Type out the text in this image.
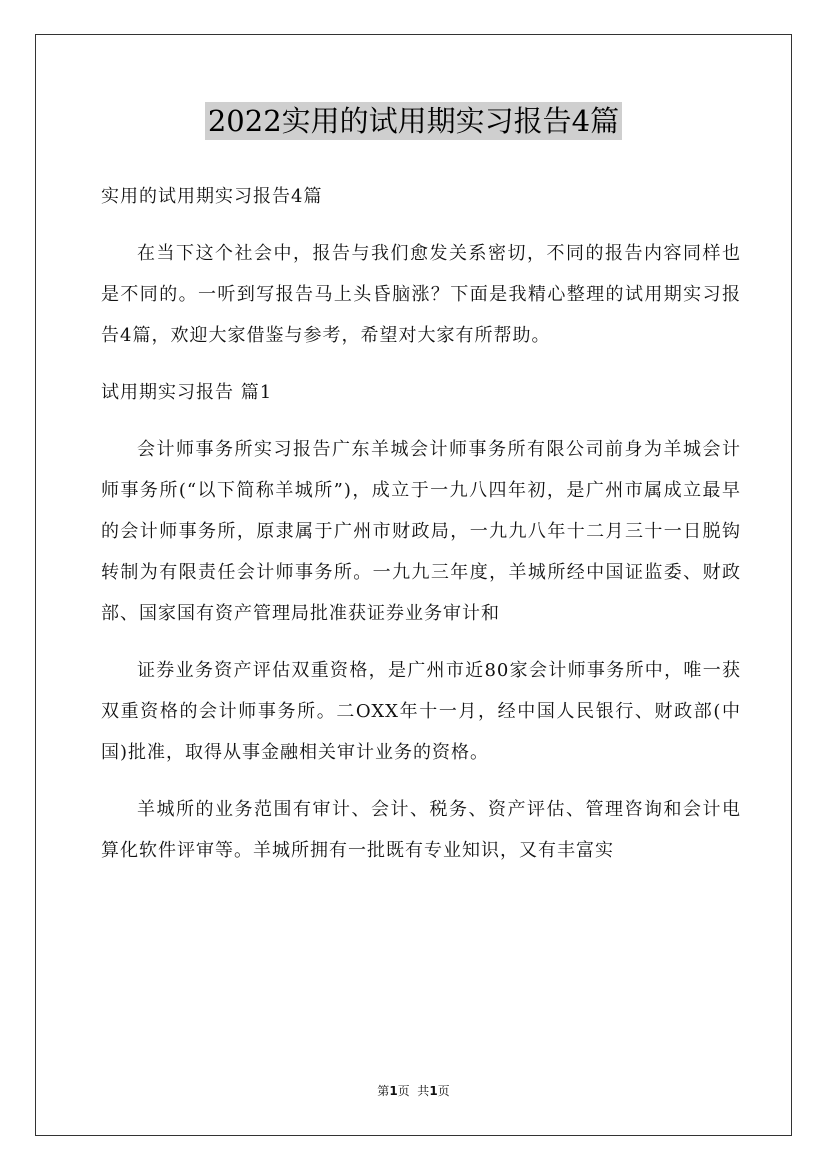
2022实用的试用期实习报告4篇

实用的试用期实习报告4篇

在当下这个社会中，报告与我们愈发关系密切，不同的报告内容同样也是不同的。一听到写报告马上头昏脑涨？下面是我精心整理的试用期实习报告4篇，欢迎大家借鉴与参考，希望对大家有所帮助。

试用期实习报告 篇1

会计师事务所实习报告广东羊城会计师事务所有限公司前身为羊城会计师事务所(“以下简称羊城所”)，成立于一九八四年初，是广州市属成立最早的会计师事务所，原隶属于广州市财政局，一九九八年十二月三十一日脱钩转制为有限责任会计师事务所。一九九三年度，羊城所经中国证监委、财政部、国家国有资产管理局批准获证券业务审计和

证券业务资产评估双重资格，是广州市近80家会计师事务所中，唯一获双重资格的会计师事务所。二OXX年十一月，经中国人民银行、财政部(中国)批准，取得从事金融相关审计业务的资格。

羊城所的业务范围有审计、会计、税务、资产评估、管理咨询和会计电算化软件评审等。羊城所拥有一批既有专业知识，又有丰富实

第1页  共1页
